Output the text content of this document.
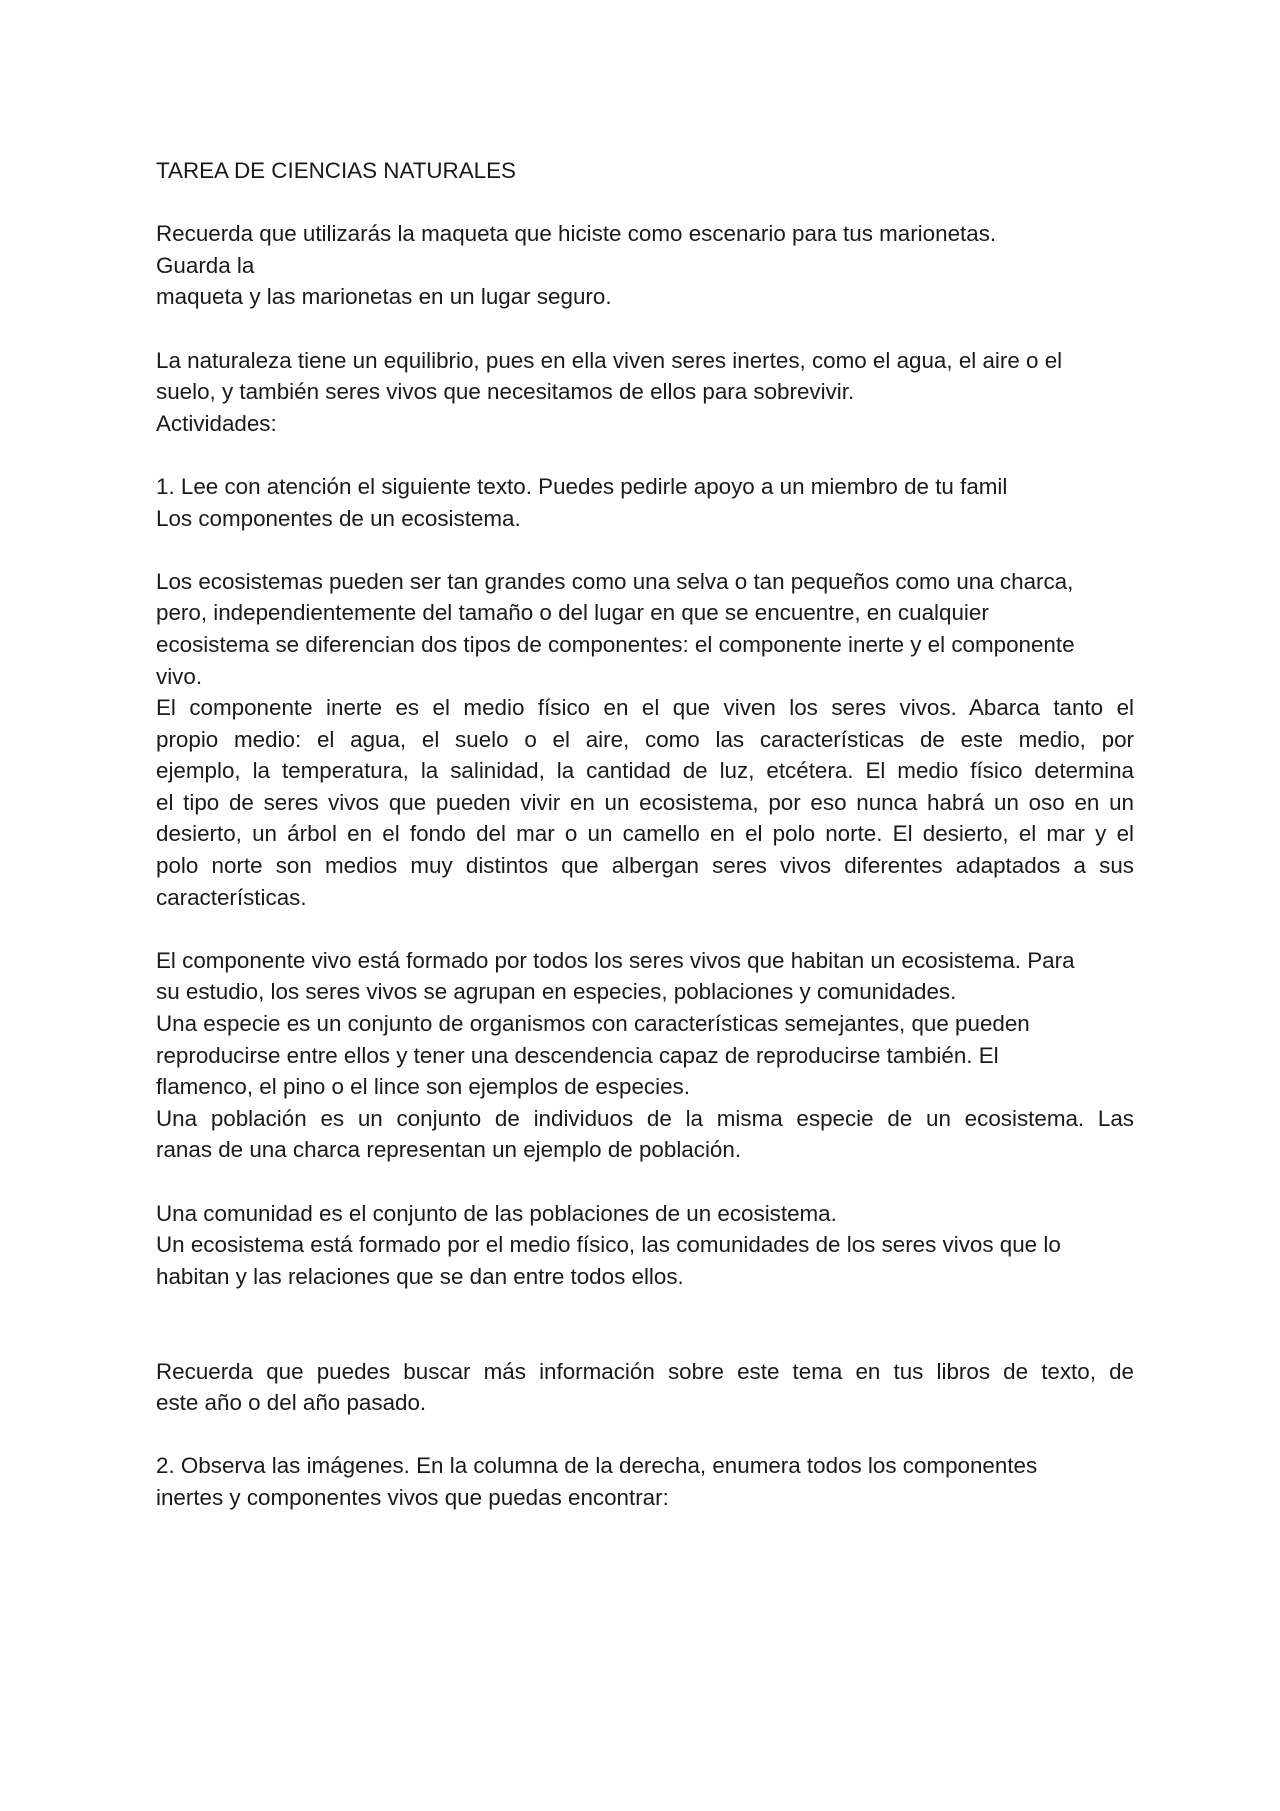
TAREA DE CIENCIAS NATURALES
Recuerda que utilizarás la maqueta que hiciste como escenario para tus marionetas.
Guarda la
maqueta y las marionetas en un lugar seguro.
La naturaleza tiene un equilibrio, pues en ella viven seres inertes, como el agua, el aire o el
suelo, y también seres vivos que necesitamos de ellos para sobrevivir.
Actividades:
1. Lee con atención el siguiente texto. Puedes pedirle apoyo a un miembro de tu famil
Los componentes de un ecosistema.
Los ecosistemas pueden ser tan grandes como una selva o tan pequeños como una charca,
pero, independientemente del tamaño o del lugar en que se encuentre, en cualquier
ecosistema se diferencian dos tipos de componentes: el componente inerte y el componente
vivo.
El componente inerte es el medio físico en el que viven los seres vivos. Abarca tanto el
propio medio: el agua, el suelo o el aire, como las características de este medio, por
ejemplo, la temperatura, la salinidad, la cantidad de luz, etcétera. El medio físico determina
el tipo de seres vivos que pueden vivir en un ecosistema, por eso nunca habrá un oso en un
desierto, un árbol en el fondo del mar o un camello en el polo norte. El desierto, el mar y el
polo norte son medios muy distintos que albergan seres vivos diferentes adaptados a sus
características.
El componente vivo está formado por todos los seres vivos que habitan un ecosistema. Para
su estudio, los seres vivos se agrupan en especies, poblaciones y comunidades.
Una especie es un conjunto de organismos con características semejantes, que pueden
reproducirse entre ellos y tener una descendencia capaz de reproducirse también. El
flamenco, el pino o el lince son ejemplos de especies.
Una población es un conjunto de individuos de la misma especie de un ecosistema. Las
ranas de una charca representan un ejemplo de población.
Una comunidad es el conjunto de las poblaciones de un ecosistema.
Un ecosistema está formado por el medio físico, las comunidades de los seres vivos que lo
habitan y las relaciones que se dan entre todos ellos.
Recuerda que puedes buscar más información sobre este tema en tus libros de texto, de
este año o del año pasado.
2. Observa las imágenes. En la columna de la derecha, enumera todos los componentes
inertes y componentes vivos que puedas encontrar:
